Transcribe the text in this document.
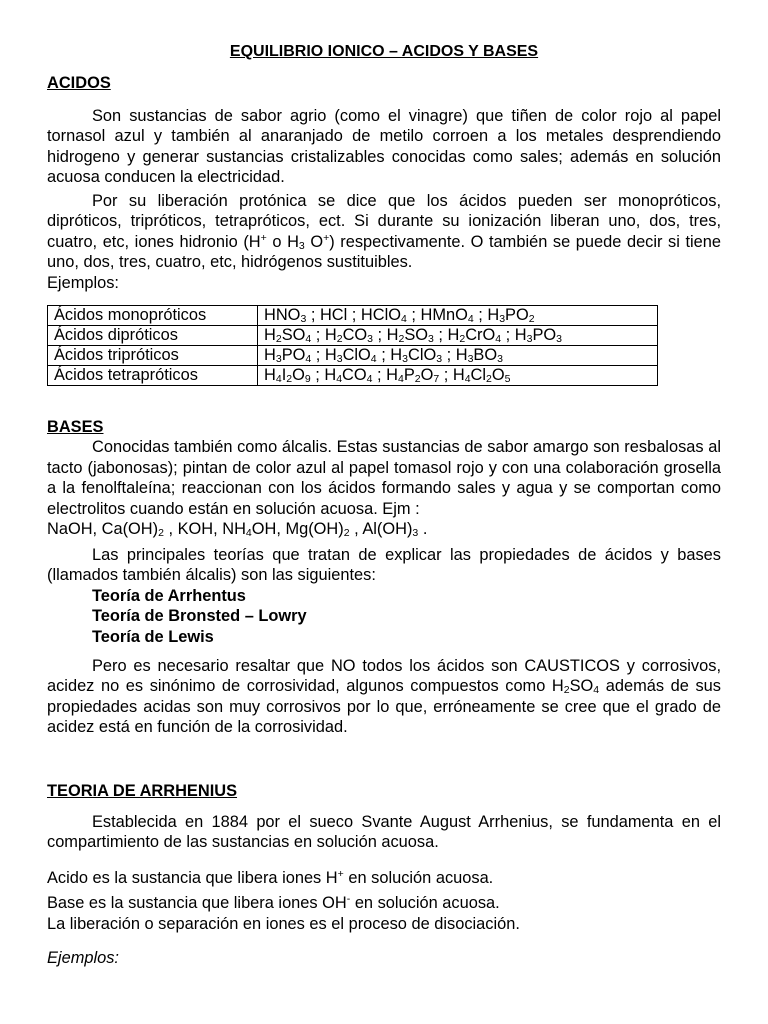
EQUILIBRIO IONICO – ACIDOS Y BASES
ACIDOS

Son sustancias de sabor agrio (como el vinagre) que tiñen de color rojo al papel tornasol azul y también al anaranjado de metilo corroen a los metales desprendiendo hidrogeno y generar sustancias cristalizables conocidas como sales; además en solución acuosa conducen la electricidad.

Por su liberación protónica se dice que los ácidos pueden ser monopróticos, dipróticos, tripróticos, tetrapróticos, ect. Si durante su ionización liberan uno, dos, tres, cuatro, etc, iones hidronio (H+ o $H_3$ O+) respectivamente. O también se puede decir si tiene uno, dos, tres, cuatro, etc, hidrógenos sustituibles.

Ejemplos:

Ácidos monopróticos	$HNO_3$ ; HCl ; HClO$_4$ ; HMnO$_4$ ; $H_3PO_2$
Ácidos dipróticos	$H_2SO_4$ ; $H_2CO_3$ ; $H_2SO_3$ ; $H_2CrO_4$ ; $H_3PO_3$
Ácidos tripróticos	$H_3PO_4$ ; $H_3ClO_4$ ; $H_3ClO_3$ ; $H_3BO_3$
Ácidos tetrapróticos	$H_4I_2O_9$ ; $H_4CO_4$ ; $H_4P_2O_7$ ; $H_4Cl_2O_5$
BASES

Conocidas también como álcalis. Estas sustancias de sabor amargo son resbalosas al tacto (jabonosas); pintan de color azul al papel tomasol rojo y con una colaboración grosella a la fenolftaleína; reaccionan con los ácidos formando sales y agua y se comportan como electrolitos cuando están en solución acuosa. Ejm :

NaOH, $Ca(OH)_2$ , KOH, $NH_4OH$, $Mg(OH)_2$ , $Al(OH)_3$ .

Las principales teorías que tratan de explicar las propiedades de ácidos y bases (llamados también álcalis) son las siguientes:

Teoría de Arrhentus
Teoría de Bronsted – Lowry
Teoría de Lewis

Pero es necesario resaltar que NO todos los ácidos son CAUSTICOS y corrosivos, acidez no es sinónimo de corrosividad, algunos compuestos como $H_2SO_4$ además de sus propiedades acidas son muy corrosivos por lo que, erróneamente se cree que el grado de acidez está en función de la corrosividad.

TEORIA DE ARRHENIUS

Establecida en 1884 por el sueco Svante August Arrhenius, se fundamenta en el compartimiento de las sustancias en solución acuosa.

Acido es la sustancia que libera iones H+ en solución acuosa.

Base es la sustancia que libera iones OH- en solución acuosa.

La liberación o separación en iones es el proceso de disociación.

Ejemplos:
